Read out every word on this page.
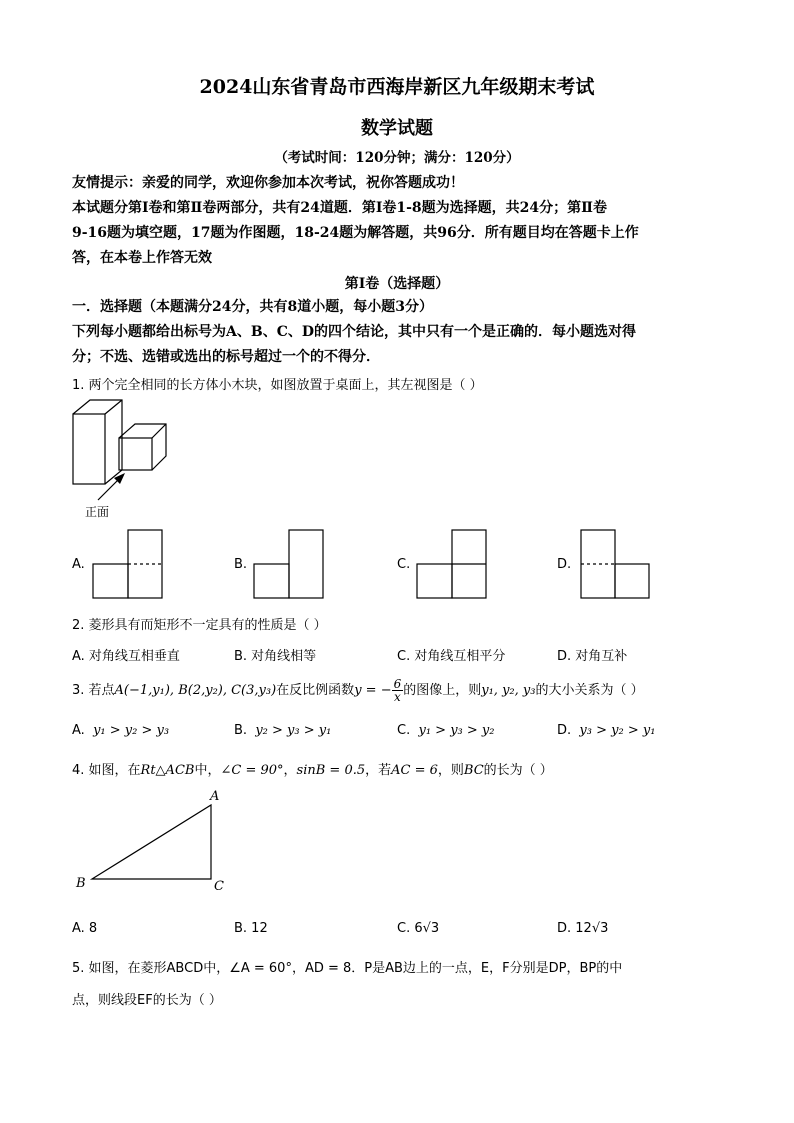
2024山东省青岛市西海岸新区九年级期末考试
数学试题
（考试时间：120分钟；满分：120分）
友情提示：亲爱的同学，欢迎你参加本次考试，祝你答题成功！
本试题分第Ⅰ卷和第Ⅱ卷两部分，共有24道题．第Ⅰ卷1-8题为选择题，共24分；第Ⅱ卷
9-16题为填空题，17题为作图题，18-24题为解答题，共96分．所有题目均在答题卡上作
答，在本卷上作答无效
第Ⅰ卷（选择题）
一．选择题（本题满分24分，共有8道小题，每小题3分）
下列每小题都给出标号为A、B、C、D的四个结论，其中只有一个是正确的．每小题选对得
分；不选、选错或选出的标号超过一个的不得分．
1. 两个完全相同的长方体小木块，如图放置于桌面上，其左视图是（ ）
正面
A.	B.	C.	D.
2. 菱形具有而矩形不一定具有的性质是（ ）
A. 对角线互相垂直	B. 对角线相等	C. 对角线互相平分	D. 对角互补
3. 若点A(−1,y₁), B(2,y₂), C(3,y₃)在反比例函数y = − $\frac{6}{x}$ 的图像上，则y₁, y₂, y₃的大小关系为（ ）
A. y₁ > y₂ > y₃	B. y₂ > y₃ > y₁	C. y₁ > y₃ > y₂	D. y₃ > y₂ > y₁
4. 如图，在Rt△ACB中，∠C = 90°，sinB = 0.5，若AC = 6，则BC的长为（ ）
A
B	C
A. 8	B. 12	C. 6√3	D. 12√3
5. 如图，在菱形ABCD中，∠A = 60°，AD = 8．P是AB边上的一点，E，F分别是DP，BP的中
点，则线段EF的长为（ ）
